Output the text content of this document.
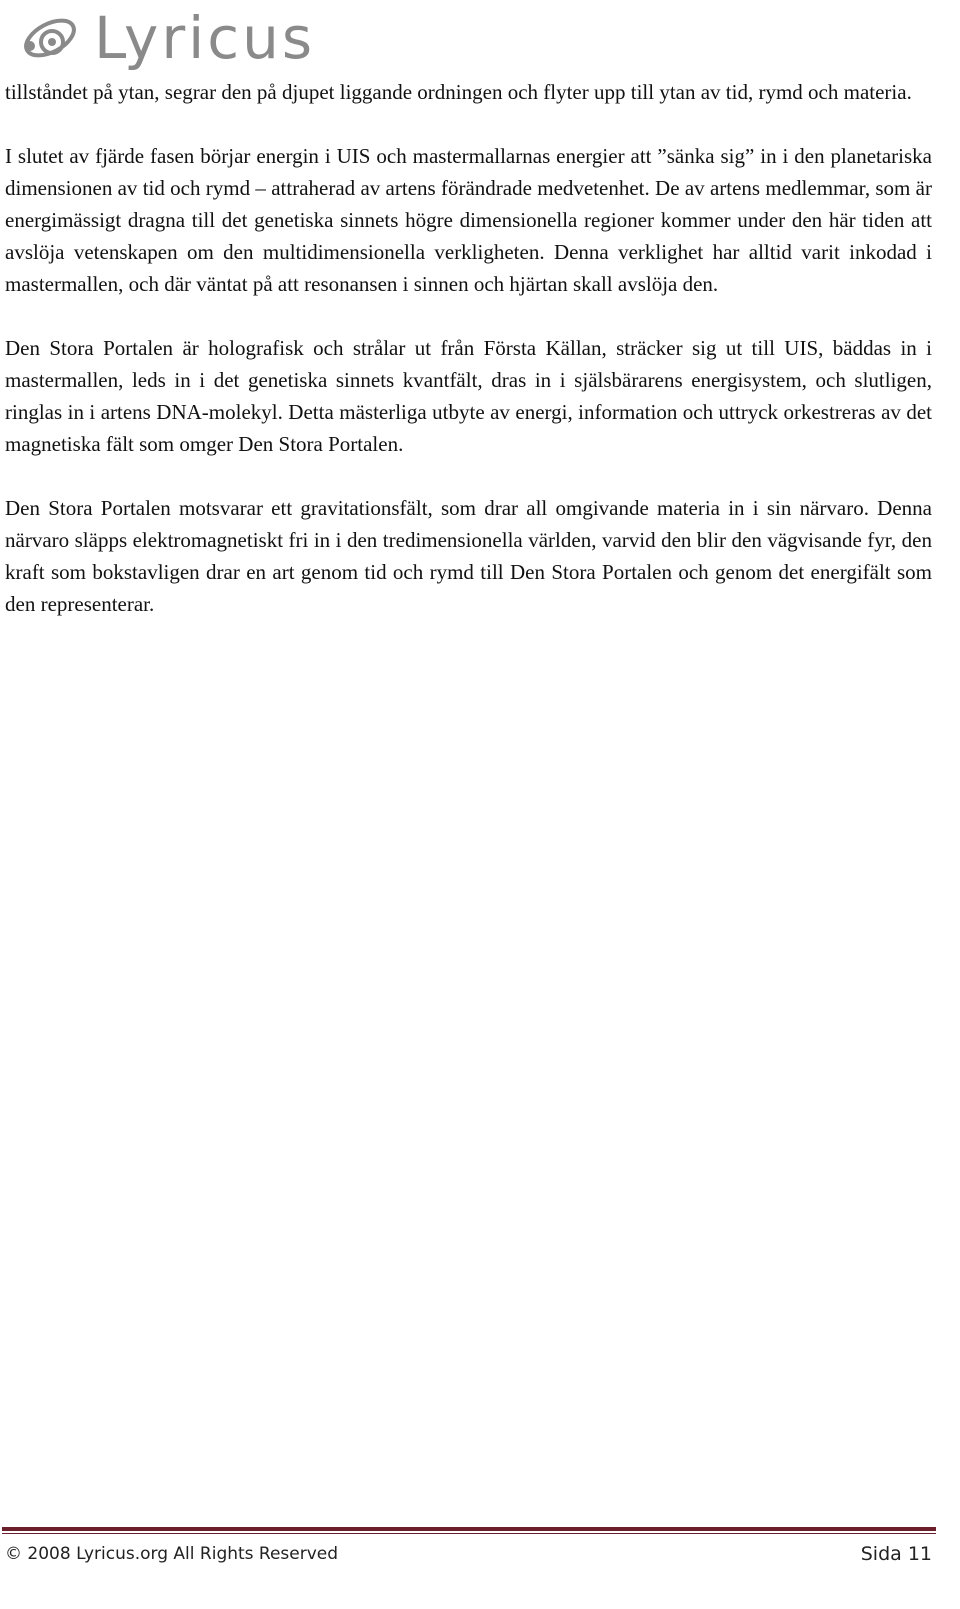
Lyricus

tillståndet på ytan, segrar den på djupet liggande ordningen och flyter upp till ytan av tid, rymd och materia.

I slutet av fjärde fasen börjar energin i UIS och mastermallarnas energier att ”sänka sig” in i den planetariska dimensionen av tid och rymd – attraherad av artens förändrade medvetenhet. De av artens medlemmar, som är energimässigt dragna till det genetiska sinnets högre dimensionella regioner kommer under den här tiden att avslöja vetenskapen om den multidimensionella verkligheten. Denna verklighet har alltid varit inkodad i mastermallen, och där väntat på att resonansen i sinnen och hjärtan skall avslöja den.

Den Stora Portalen är holografisk och strålar ut från Första Källan, sträcker sig ut till UIS, bäddas in i mastermallen, leds in i det genetiska sinnets kvantfält, dras in i själsbärarens energisystem, och slutligen, ringlas in i artens DNA-molekyl. Detta mästerliga utbyte av energi, information och uttryck orkestreras av det magnetiska fält som omger Den Stora Portalen.

Den Stora Portalen motsvarar ett gravitationsfält, som drar all omgivande materia in i sin närvaro. Denna närvaro släpps elektromagnetiskt fri in i den tredimensionella världen, varvid den blir den vägvisande fyr, den kraft som bokstavligen drar en art genom tid och rymd till Den Stora Portalen och genom det energifält som den representerar.

© 2008 Lyricus.org All Rights Reserved	Sida 11
